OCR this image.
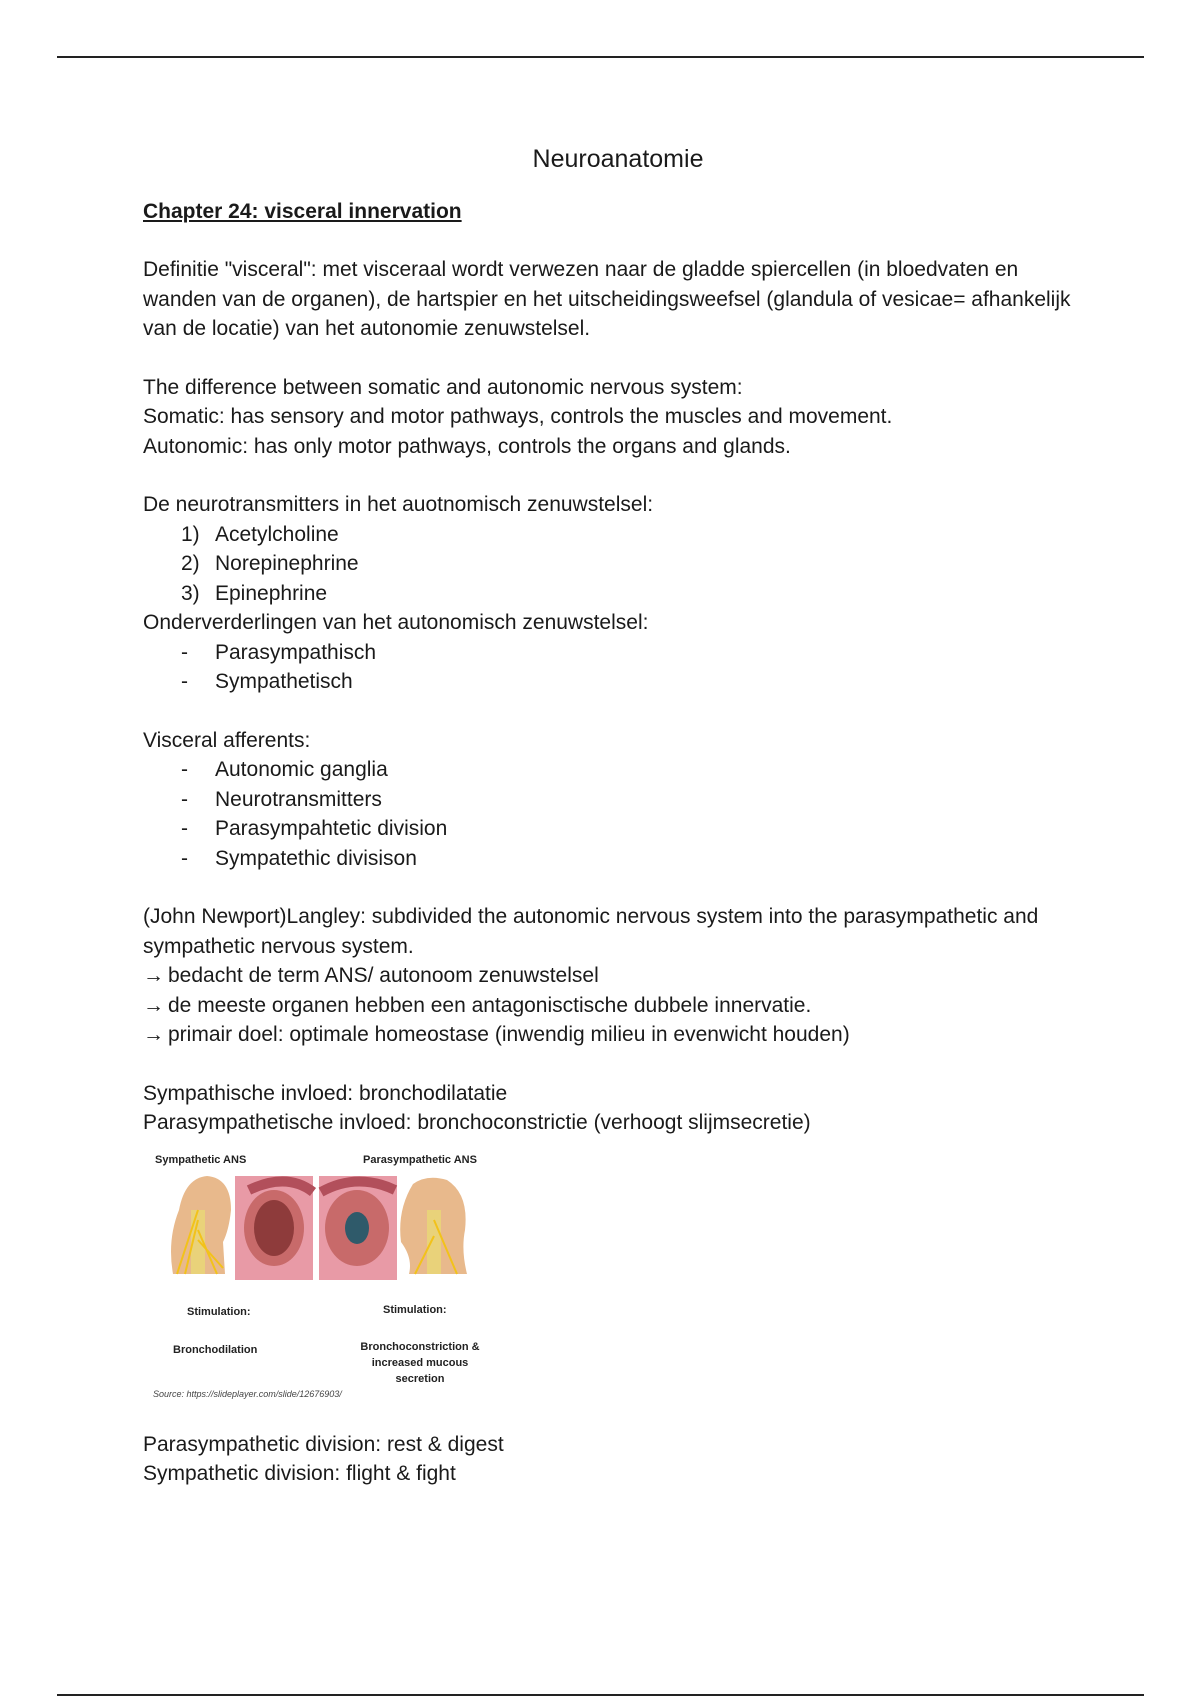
Neuroanatomie
Chapter 24: visceral innervation

Definitie "visceral": met visceraal wordt verwezen naar de gladde spiercellen (in bloedvaten en wanden van de organen), de hartspier en het uitscheidingsweefsel (glandula of vesicae= afhankelijk van de locatie) van het autonomie zenuwstelsel.

The difference between somatic and autonomic nervous system:

Somatic: has sensory and motor pathways, controls the muscles and movement.

Autonomic: has only motor pathways, controls the organs and glands.

De neurotransmitters in het auotnomisch zenuwstelsel:

1) Acetylcholine
2) Norepinephrine
3) Epinephrine

Onderverderlingen van het autonomisch zenuwstelsel:

- Parasympathisch
- Sympathetisch

Visceral afferents:

- Autonomic ganglia
- Neurotransmitters
- Parasympahtetic division
- Sympatethic divisison

(John Newport)Langley: subdivided the autonomic nervous system into the parasympathetic and sympathetic nervous system.

→ bedacht de term ANS/ autonoom zenuwstelsel

→ de meeste organen hebben een antagonisctische dubbele innervatie.

→ primair doel: optimale homeostase (inwendig milieu in evenwicht houden)

Sympathische invloed: bronchodilatatie

Parasympathetische invloed: bronchoconstrictie (verhoogt slijmsecretie)

Sympathetic ANS	Parasympathetic ANS
Stimulation:	Stimulation:
Bronchodilation	Bronchoconstriction &
increased mucous
secretion
Source: https://slideplayer.com/slide/12676903/

Parasympathetic division: rest & digest

Sympathetic division: flight & fight
